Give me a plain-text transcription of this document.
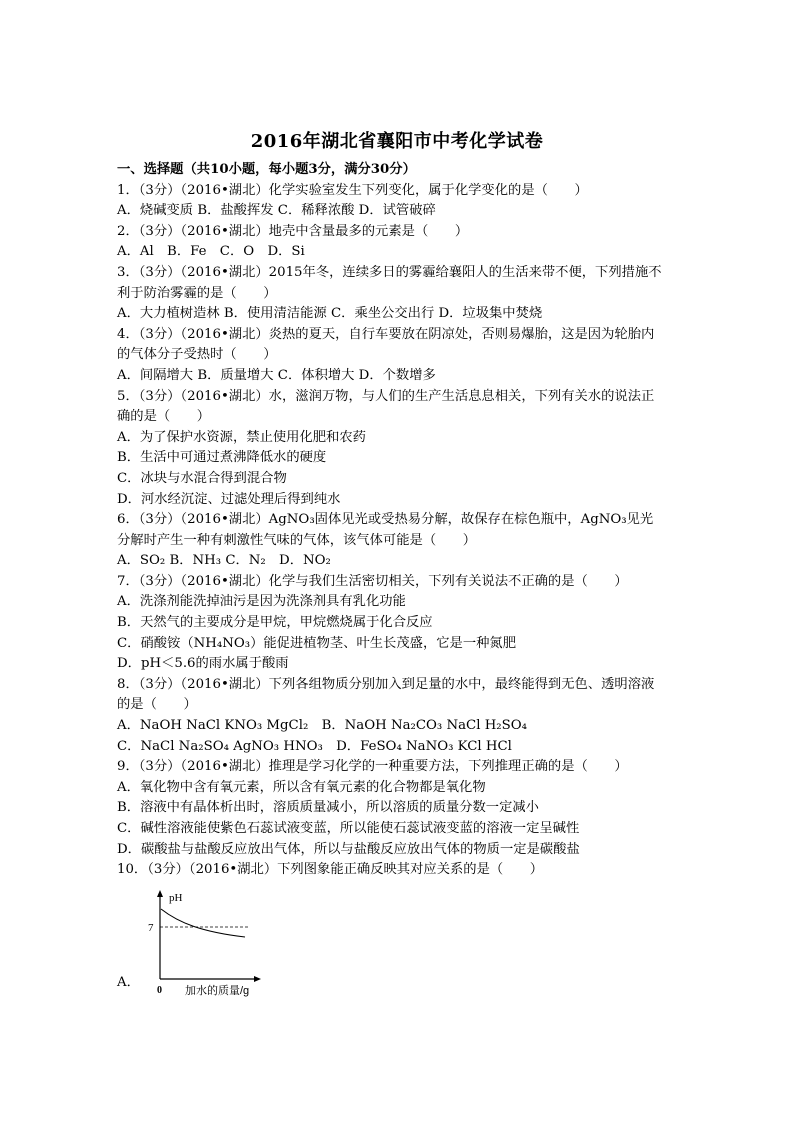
2016年湖北省襄阳市中考化学试卷
一、选择题（共10小题，每小题3分，满分30分）
1．（3分）（2016•湖北）化学实验室发生下列变化，属于化学变化的是（　　）
A．烧碱变质 B．盐酸挥发 C．稀释浓酸 D．试管破碎
2．（3分）（2016•湖北）地壳中含量最多的元素是（　　）
A．Al　B．Fe　C．O　D．Si
3．（3分）（2016•湖北）2015年冬，连续多日的雾霾给襄阳人的生活来带不便，下列措施不
利于防治雾霾的是（　　）
A．大力植树造林 B．使用清洁能源 C．乘坐公交出行 D．垃圾集中焚烧
4．（3分）（2016•湖北）炎热的夏天，自行车要放在阴凉处，否则易爆胎，这是因为轮胎内
的气体分子受热时（　　）
A．间隔增大 B．质量增大 C．体积增大 D．个数增多
5．（3分）（2016•湖北）水，滋润万物，与人们的生产生活息息相关，下列有关水的说法正
确的是（　　）
A．为了保护水资源，禁止使用化肥和农药
B．生活中可通过煮沸降低水的硬度
C．冰块与水混合得到混合物
D．河水经沉淀、过滤处理后得到纯水
6．（3分）（2016•湖北）AgNO₃固体见光或受热易分解，故保存在棕色瓶中，AgNO₃见光
分解时产生一种有刺激性气味的气体，该气体可能是（　　）
A．SO₂ B．NH₃ C．N₂　D．NO₂
7．（3分）（2016•湖北）化学与我们生活密切相关，下列有关说法不正确的是（　　）
A．洗涤剂能洗掉油污是因为洗涤剂具有乳化功能
B．天然气的主要成分是甲烷，甲烷燃烧属于化合反应
C．硝酸铵（NH₄NO₃）能促进植物茎、叶生长茂盛，它是一种氮肥
D．pH＜5.6的雨水属于酸雨
8．（3分）（2016•湖北）下列各组物质分别加入到足量的水中，最终能得到无色、透明溶液
的是（　　）
A．NaOH NaCl KNO₃ MgCl₂　B．NaOH Na₂CO₃ NaCl H₂SO₄
C．NaCl Na₂SO₄ AgNO₃ HNO₃　D．FeSO₄ NaNO₃ KCl HCl
9．（3分）（2016•湖北）推理是学习化学的一种重要方法，下列推理正确的是（　　）
A．氧化物中含有氧元素，所以含有氧元素的化合物都是氧化物
B．溶液中有晶体析出时，溶质质量减小，所以溶质的质量分数一定减小
C．碱性溶液能使紫色石蕊试液变蓝，所以能使石蕊试液变蓝的溶液一定呈碱性
D．碳酸盐与盐酸反应放出气体，所以与盐酸反应放出气体的物质一定是碳酸盐
10．（3分）（2016•湖北）下列图象能正确反映其对应关系的是（　　）
pH
7
0 加水的质量/g
A．
